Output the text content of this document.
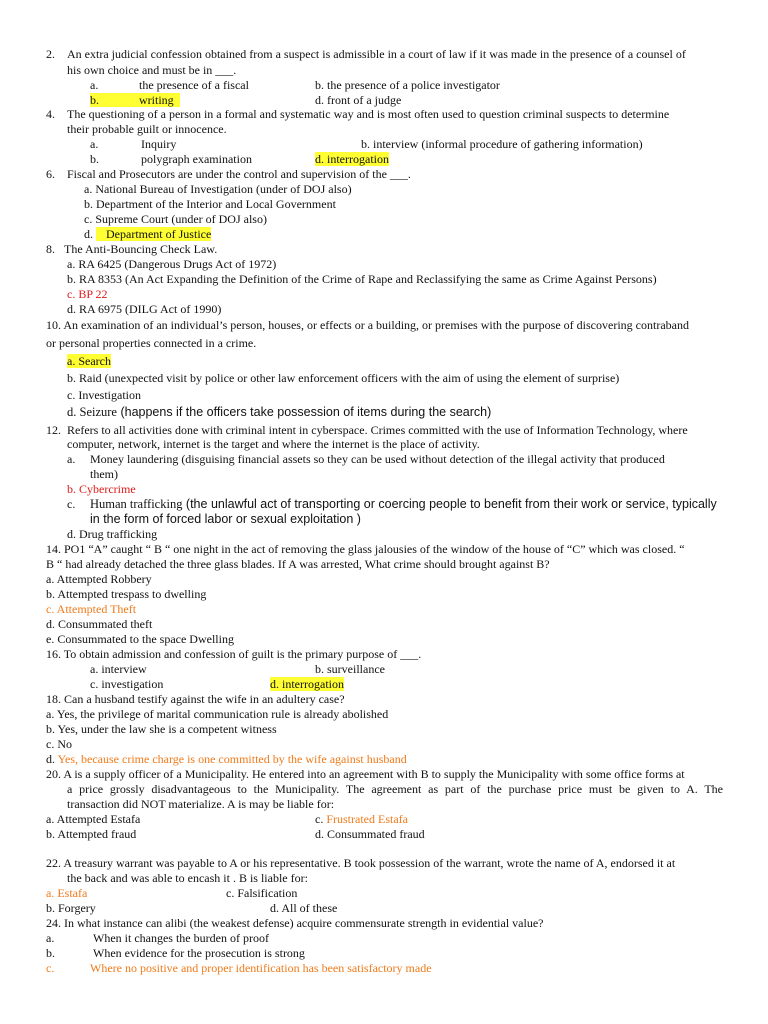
2. An extra judicial confession obtained from a suspect is admissible in a court of law if it was made in the presence of a counsel of
his own choice and must be in ___.
a.	the presence of a fiscal	b. the presence of a police investigator
b.	writing	d. front of a judge
4. The questioning of a person in a formal and systematic way and is most often used to question criminal suspects to determine
their probable guilt or innocence.
a.	Inquiry	b. interview (informal procedure of gathering information)
b.	polygraph examination	d. interrogation
6. Fiscal and Prosecutors are under the control and supervision of the ___.
a. National Bureau of Investigation (under of DOJ also)
b. Department of the Interior and Local Government
c. Supreme Court (under of DOJ also)
d.	Department of Justice
8. The Anti-Bouncing Check Law.
a. RA 6425 (Dangerous Drugs Act of 1972)
b. RA 8353 (An Act Expanding the Definition of the Crime of Rape and Reclassifying the same as Crime Against Persons)
c. BP 22
d. RA 6975 (DILG Act of 1990)
10. An examination of an individual’s person, houses, or effects or a building, or premises with the purpose of discovering contraband
or personal properties connected in a crime.
a. Search
b. Raid (unexpected visit by police or other law enforcement officers with the aim of using the element of surprise)
c. Investigation
d. Seizure (happens if the officers take possession of items during the search)
12. Refers to all activities done with criminal intent in cyberspace. Crimes committed with the use of Information Technology, where
computer, network, internet is the target and where the internet is the place of activity.
a. Money laundering (disguising financial assets so they can be used without detection of the illegal activity that produced
them)
b. Cybercrime
c. Human trafficking (the unlawful act of transporting or coercing people to benefit from their work or service, typically
in the form of forced labor or sexual exploitation )
d. Drug trafficking
14. PO1 “A” caught “ B “ one night in the act of removing the glass jalousies of the window of the house of “C” which was closed. “
B “ had already detached the three glass blades. If A was arrested, What crime should brought against B?
a. Attempted Robbery
b. Attempted trespass to dwelling
c. Attempted Theft
d. Consummated theft
e. Consummated to the space Dwelling
16. To obtain admission and confession of guilt is the primary purpose of ___.
a. interview	b. surveillance
c. investigation	d. interrogation
18. Can a husband testify against the wife in an adultery case?
a. Yes, the privilege of marital communication rule is already abolished
b. Yes, under the law she is a competent witness
c. No
d. Yes, because crime charge is one committed by the wife against husband
20. A is a supply officer of a Municipality. He entered into an agreement with B to supply the Municipality with some office forms at
a price grossly disadvantageous to the Municipality. The agreement as part of the purchase price must be given to A. The
transaction did NOT materialize. A is may be liable for:
a. Attempted Estafa	c. Frustrated Estafa
b. Attempted fraud	d. Consummated fraud
22. A treasury warrant was payable to A or his representative. B took possession of the warrant, wrote the name of A, endorsed it at
the back and was able to encash it . B is liable for:
a. Estafa	c. Falsification
b. Forgery	d. All of these
24. In what instance can alibi (the weakest defense) acquire commensurate strength in evidential value?
a.	When it changes the burden of proof
b.	When evidence for the prosecution is strong
c.	Where no positive and proper identification has been satisfactory made
